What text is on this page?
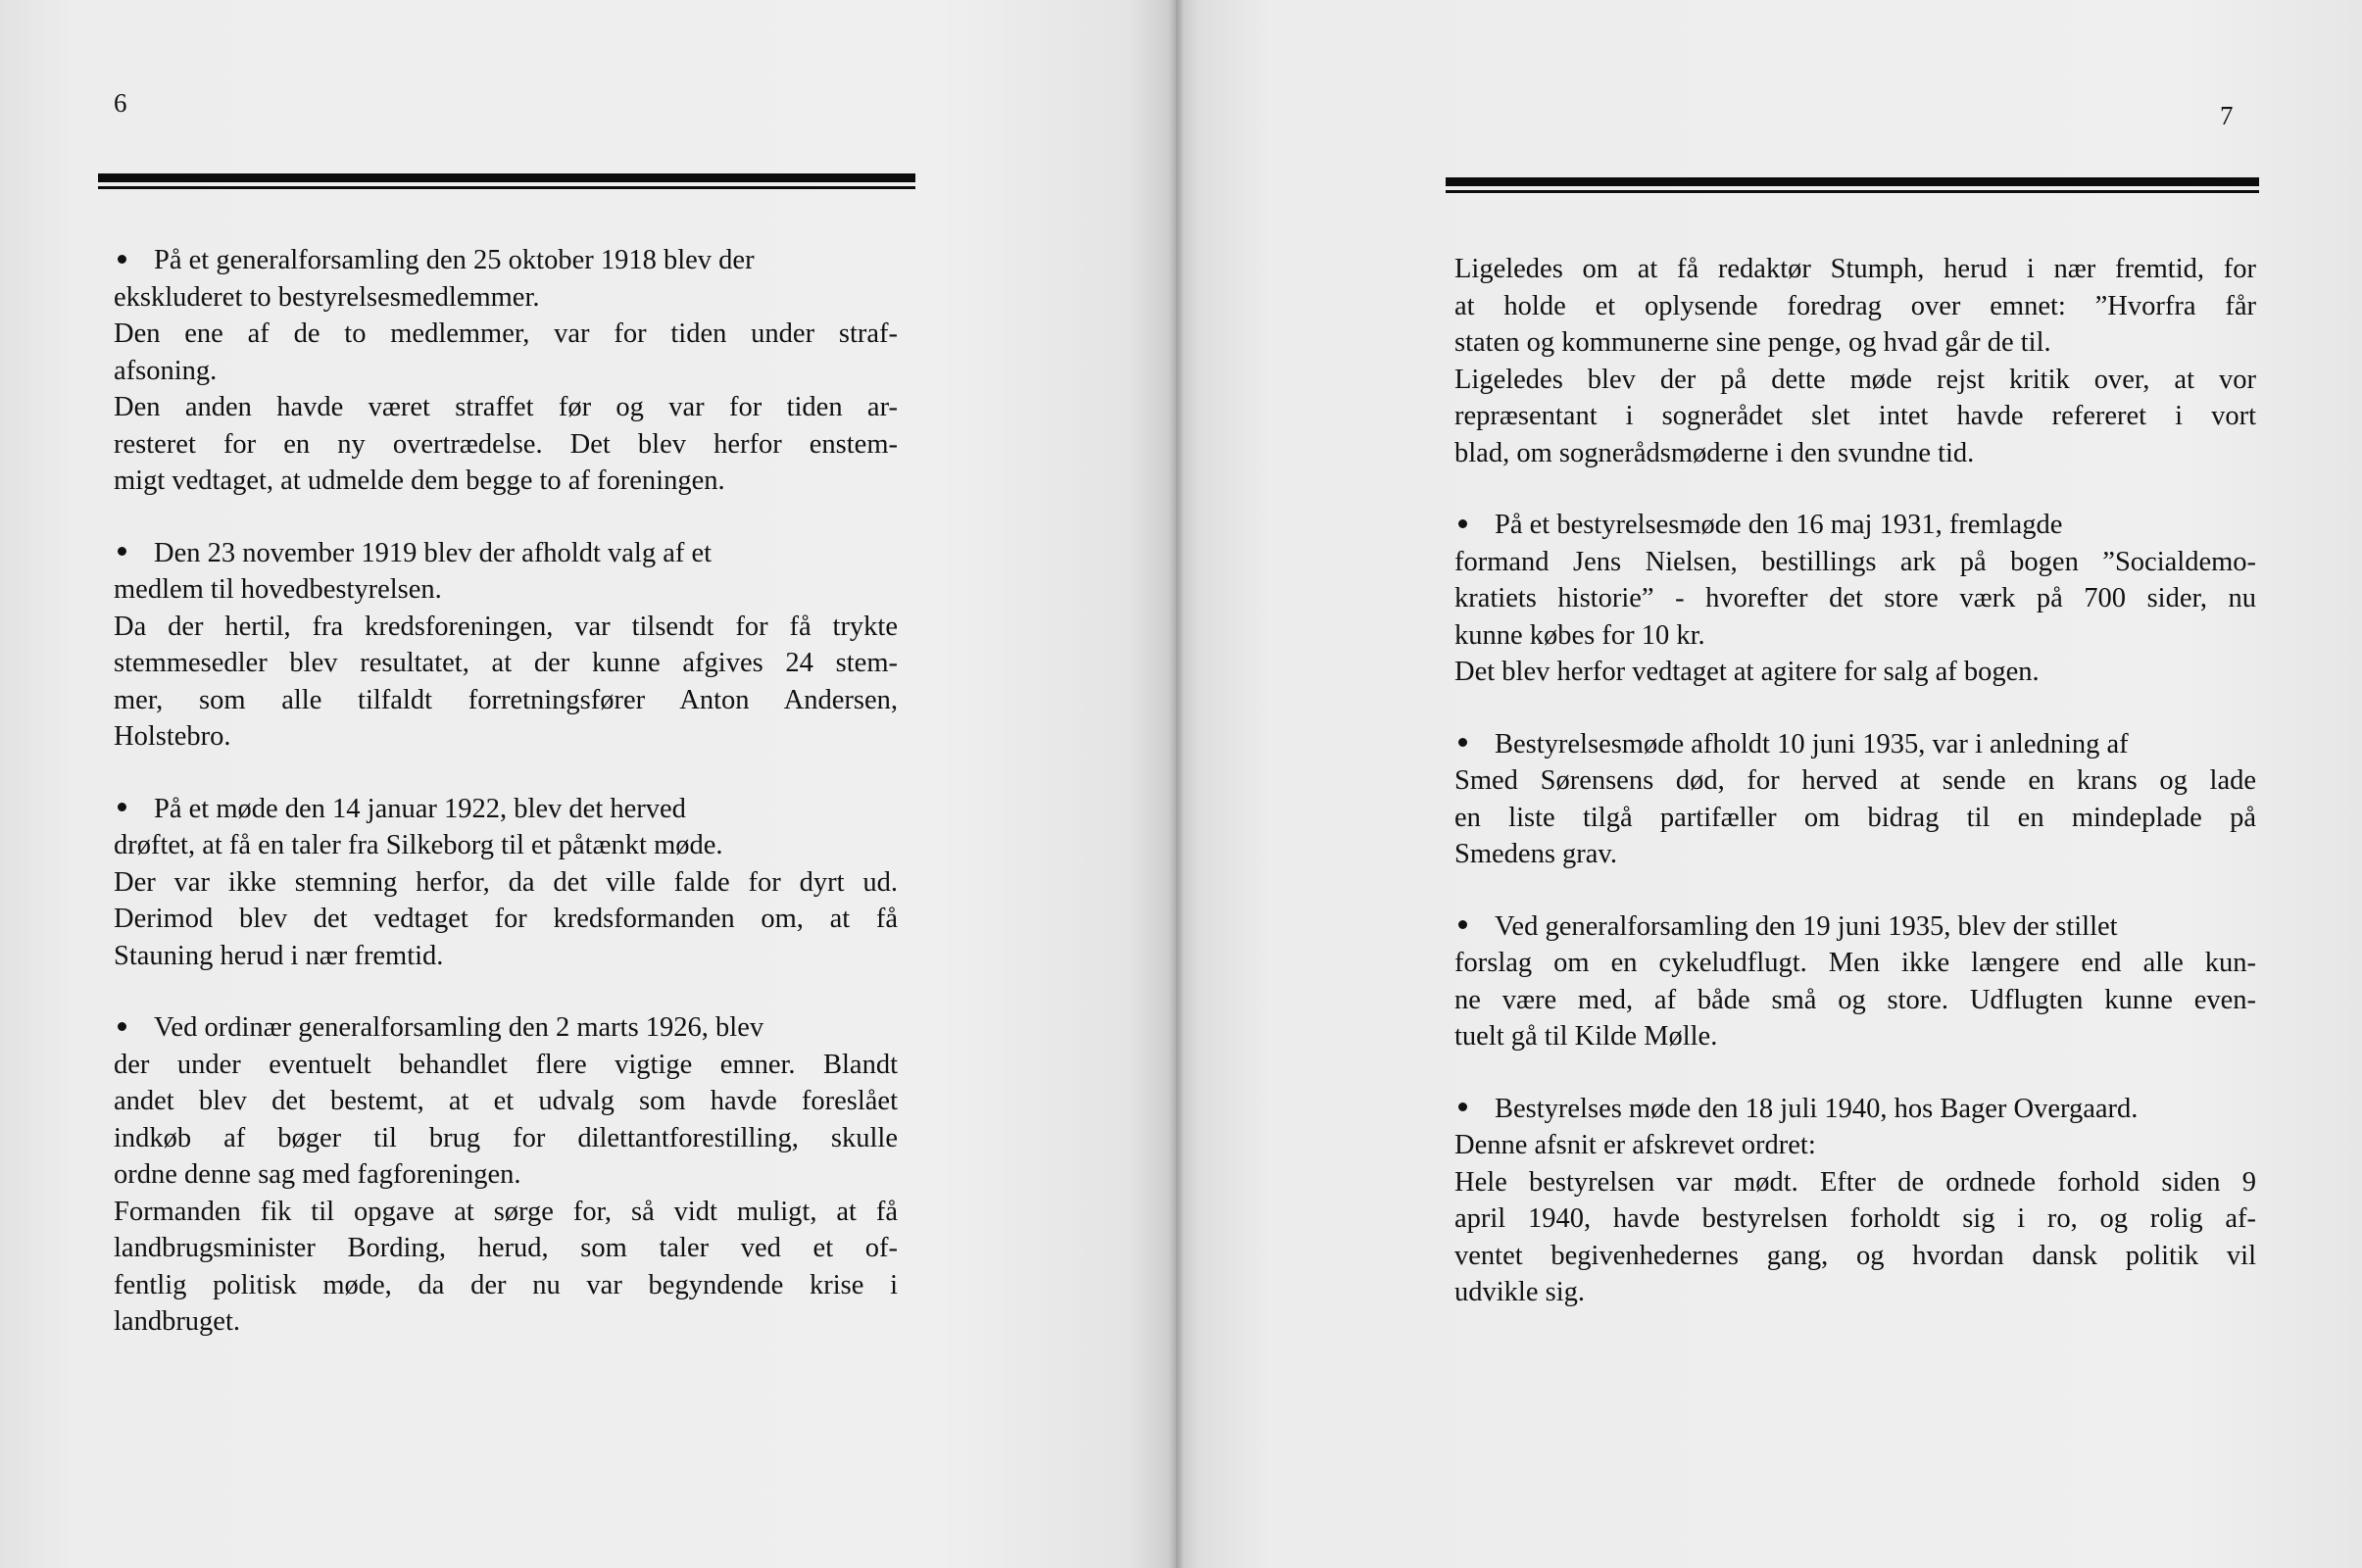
6
På et generalforsamling den 25 oktober 1918 blev der
ekskluderet to bestyrelsesmedlemmer.
Den ene af de to medlemmer, var for tiden under straf-
afsoning.
Den anden havde været straffet før og var for tiden ar-
resteret for en ny overtrædelse. Det blev herfor enstem-
migt vedtaget, at udmelde dem begge to af foreningen.
Den 23 november 1919 blev der afholdt valg af et
medlem til hovedbestyrelsen.
Da der hertil, fra kredsforeningen, var tilsendt for få trykte
stemmesedler blev resultatet, at der kunne afgives 24 stem-
mer, som alle tilfaldt forretningsfører Anton Andersen,
Holstebro.
På et møde den 14 januar 1922, blev det herved
drøftet, at få en taler fra Silkeborg til et påtænkt møde.
Der var ikke stemning herfor, da det ville falde for dyrt ud.
Derimod blev det vedtaget for kredsformanden om, at få
Stauning herud i nær fremtid.
Ved ordinær generalforsamling den 2 marts 1926, blev
der under eventuelt behandlet flere vigtige emner. Blandt
andet blev det bestemt, at et udvalg som havde foreslået
indkøb af bøger til brug for dilettantforestilling, skulle
ordne denne sag med fagforeningen.
Formanden fik til opgave at sørge for, så vidt muligt, at få
landbrugsminister Bording, herud, som taler ved et of-
fentlig politisk møde, da der nu var begyndende krise i
landbruget.
7
Ligeledes om at få redaktør Stumph, herud i nær fremtid, for
at holde et oplysende foredrag over emnet: ”Hvorfra får
staten og kommunerne sine penge, og hvad går de til.
Ligeledes blev der på dette møde rejst kritik over, at vor
repræsentant i sognerådet slet intet havde refereret i vort
blad, om sognerådsmøderne i den svundne tid.
På et bestyrelsesmøde den 16 maj 1931, fremlagde
formand Jens Nielsen, bestillings ark på bogen ”Socialdemo-
kratiets historie” - hvorefter det store værk på 700 sider, nu
kunne købes for 10 kr.
Det blev herfor vedtaget at agitere for salg af bogen.
Bestyrelsesmøde afholdt 10 juni 1935, var i anledning af
Smed Sørensens død, for herved at sende en krans og lade
en liste tilgå partifæller om bidrag til en mindeplade på
Smedens grav.
Ved generalforsamling den 19 juni 1935, blev der stillet
forslag om en cykeludflugt. Men ikke længere end alle kun-
ne være med, af både små og store. Udflugten kunne even-
tuelt gå til Kilde Mølle.
Bestyrelses møde den 18 juli 1940, hos Bager Overgaard.
Denne afsnit er afskrevet ordret:
Hele bestyrelsen var mødt. Efter de ordnede forhold siden 9
april 1940, havde bestyrelsen forholdt sig i ro, og rolig af-
ventet begivenhedernes gang, og hvordan dansk politik vil
udvikle sig.
